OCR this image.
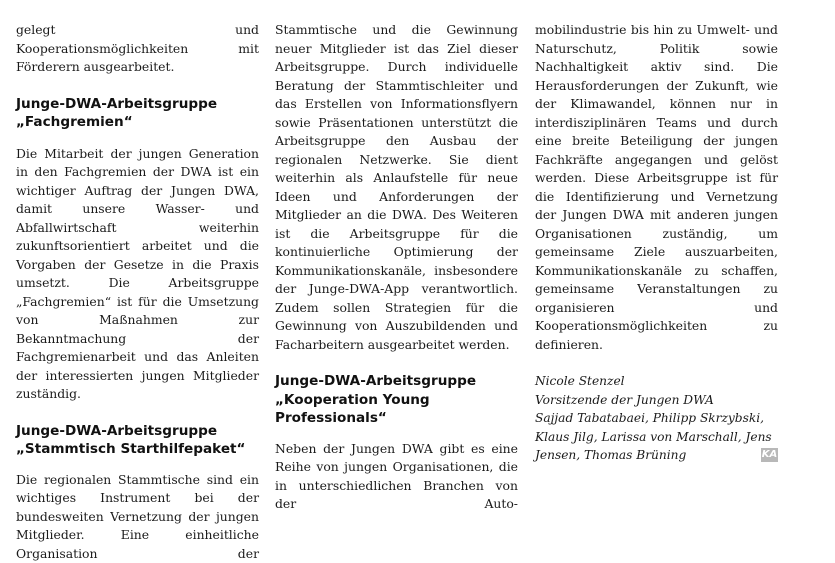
gelegt und Kooperationsmöglichkeiten mit Förderern ausgearbeitet.

Junge-DWA-Arbeitsgruppe
„Fachgremien“

Die Mitarbeit der jungen Generation in den Fachgremien der DWA ist ein wichtiger Auftrag der Jungen DWA, damit unsere Wasser- und Abfallwirtschaft weiterhin zukunftsorientiert arbeitet und die Vorgaben der Gesetze in die Praxis umsetzt. Die Arbeitsgruppe „Fachgremien“ ist für die Umsetzung von Maßnahmen zur Bekanntmachung der Fachgremienarbeit und das Anleiten der interessierten jungen Mitglieder zuständig.

Junge-DWA-Arbeitsgruppe
„Stammtisch Starthilfepaket“

Die regionalen Stammtische sind ein wichtiges Instrument bei der bundesweiten Vernetzung der jungen Mitglieder. Eine einheitliche Organisation der

Stammtische und die Gewinnung neuer Mitglieder ist das Ziel dieser Arbeitsgruppe. Durch individuelle Beratung der Stammtischleiter und das Erstellen von Informationsflyern sowie Präsentationen unterstützt die Arbeitsgruppe den Ausbau der regionalen Netzwerke. Sie dient weiterhin als Anlaufstelle für neue Ideen und Anforderungen der Mitglieder an die DWA. Des Weiteren ist die Arbeitsgruppe für die kontinuierliche Optimierung der Kommunikationskanäle, insbesondere der Junge-DWA-App verantwortlich. Zudem sollen Strategien für die Gewinnung von Auszubildenden und Facharbeitern ausgearbeitet werden.

Junge-DWA-Arbeitsgruppe
„Kooperation Young
Professionals“

Neben der Jungen DWA gibt es eine Reihe von jungen Organisationen, die in unterschiedlichen Branchen von der Auto-

mobilindustrie bis hin zu Umwelt- und Naturschutz, Politik sowie Nachhaltigkeit aktiv sind. Die Herausforderungen der Zukunft, wie der Klimawandel, können nur in interdisziplinären Teams und durch eine breite Beteiligung der jungen Fachkräfte angegangen und gelöst werden. Diese Arbeitsgruppe ist für die Identifizierung und Vernetzung der Jungen DWA mit anderen jungen Organisationen zuständig, um gemeinsame Ziele auszuarbeiten, Kommunikationskanäle zu schaffen, gemeinsame Veranstaltungen zu organisieren und Kooperationsmöglichkeiten zu definieren.

Nicole Stenzel

Vorsitzende der Jungen DWA

Sajjad Tabatabaei, Philipp Skrzybski,

Klaus Jilg, Larissa von Marschall, Jens

Jensen, Thomas Brüning	KA
